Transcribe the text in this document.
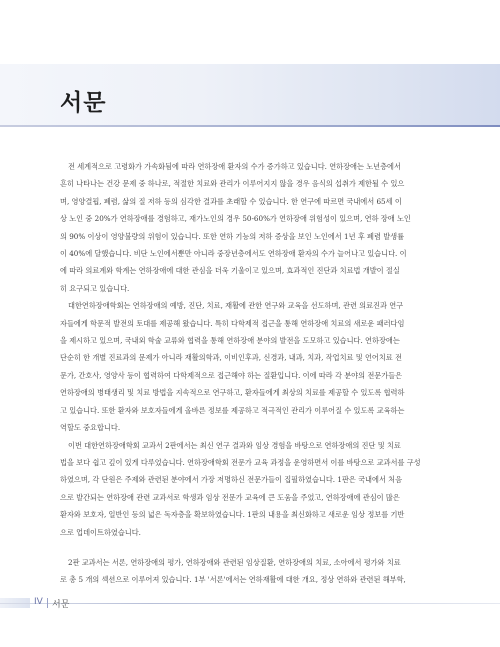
서문

전 세계적으로 고령화가 가속화됨에 따라 연하장애 환자의 수가 증가하고 있습니다. 연하장애는 노년층에서
흔히 나타나는 건강 문제 중 하나로, 적절한 치료와 관리가 이루어지지 않을 경우 음식의 섭취가 제한될 수 있으
며, 영양결핍, 폐렴, 삶의 질 저하 등의 심각한 결과를 초래할 수 있습니다. 한 연구에 따르면 국내에서 65세 이
상 노인 중 20%가 연하장애를 경험하고, 재가노인의 경우 50-60%가 연하장애 위험성이 있으며, 연하 장애 노인
의 90% 이상이 영양불량의 위험이 있습니다. 또한 연하 기능의 저하 증상을 보인 노인에서 1년 후 폐렴 발생률
이 40%에 달했습니다. 비단 노인에서뿐만 아니라 중장년층에서도 연하장애 환자의 수가 늘어나고 있습니다. 이
에 따라 의료계와 학계는 연하장애에 대한 관심을 더욱 기울이고 있으며, 효과적인 진단과 치료법 개발이 절실
히 요구되고 있습니다.

대한연하장애학회는 연하장애의 예방, 진단, 치료, 재활에 관한 연구와 교육을 선도하며, 관련 의료진과 연구
자들에게 학문적 발전의 토대를 제공해 왔습니다. 특히 다학제적 접근을 통해 연하장애 치료의 새로운 패러다임
을 제시하고 있으며, 국내외 학술 교류와 협력을 통해 연하장애 분야의 발전을 도모하고 있습니다. 연하장애는
단순히 한 개별 진료과의 문제가 아니라 재활의학과, 이비인후과, 신경과, 내과, 치과, 작업치료 및 언어치료 전
문가, 간호사, 영양사 등이 협력하여 다학제적으로 접근해야 하는 질환입니다. 이에 따라 각 분야의 전문가들은
연하장애의 병태생리 및 치료 방법을 지속적으로 연구하고, 환자들에게 최상의 치료를 제공할 수 있도록 협력하
고 있습니다. 또한 환자와 보호자들에게 올바른 정보를 제공하고 적극적인 관리가 이루어질 수 있도록 교육하는
역할도 중요합니다.

이번 대한연하장애학회 교과서 2판에서는 최신 연구 결과와 임상 경험을 바탕으로 연하장애의 진단 및 치료
법을 보다 쉽고 깊이 있게 다루었습니다. 연하장애학회 전문가 교육 과정을 운영하면서 이를 바탕으로 교과서를 구성
하였으며, 각 단원은 주제와 관련된 분야에서 가장 저명하신 전문가들이 집필하였습니다. 1판은 국내에서 처음
으로 발간되는 연하장애 관련 교과서로 학생과 임상 전문가 교육에 큰 도움을 주었고, 연하장애에 관심이 많은
환자와 보호자, 일반인 등의 넓은 독자층을 확보하였습니다. 1판의 내용을 최신화하고 새로운 임상 정보를 기반
으로 업데이트하였습니다.

2판 교과서는 서론, 연하장애의 평가, 연하장애와 관련된 임상질환, 연하장애의 치료, 소아에서 평가와 치료
로 총 5 개의 섹션으로 이루어져 있습니다. 1부 '서론'에서는 연하재활에 대한 개요, 정상 연하와 관련된 해부학,

IV 서문
